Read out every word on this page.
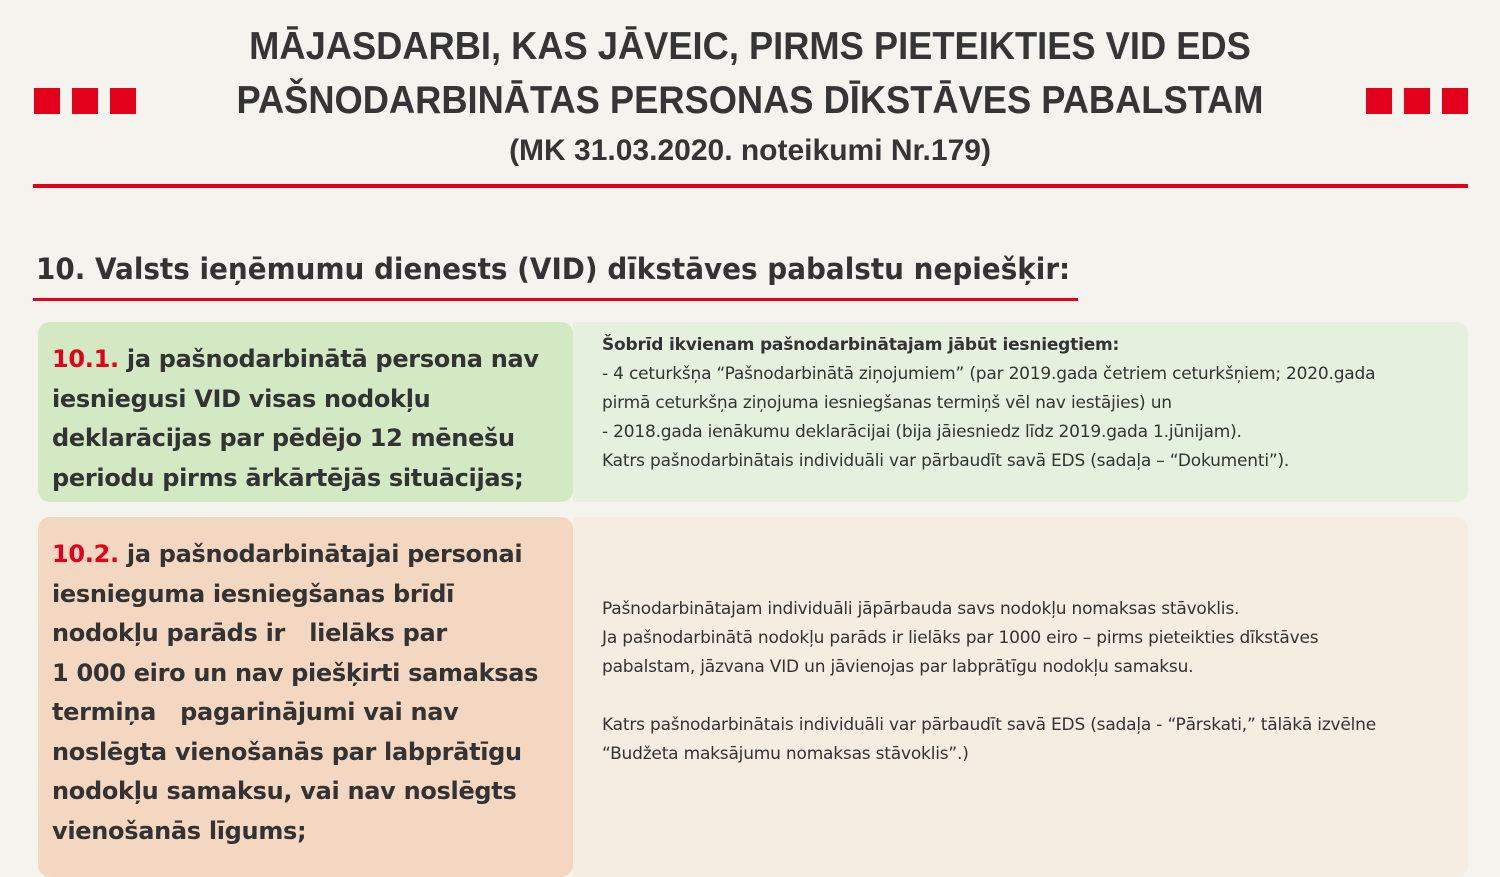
MĀJASDARBI, KAS JĀVEIC, PIRMS PIETEIKTIES VID EDS
PAŠNODARBINĀTAS PERSONAS DĪKSTĀVES PABALSTAM
(MK 31.03.2020. noteikumi Nr.179)
10. Valsts ieņēmumu dienests (VID) dīkstāves pabalstu nepiešķir:
10.1. ja pašnodarbinātā persona nav
iesniegusi VID visas nodokļu
deklarācijas par pēdējo 12 mēnešu
periodu pirms ārkārtējās situācijas;
Šobrīd ikvienam pašnodarbinātajam jābūt iesniegtiem:
- 4 ceturkšņa “Pašnodarbinātā ziņojumiem” (par 2019.gada četriem ceturkšņiem; 2020.gada
pirmā ceturkšņa ziņojuma iesniegšanas termiņš vēl nav iestājies) un
- 2018.gada ienākumu deklarācijai (bija jāiesniedz līdz 2019.gada 1.jūnijam).
Katrs pašnodarbinātais individuāli var pārbaudīt savā EDS (sadaļa – “Dokumenti”).
10.2. ja pašnodarbinātajai personai
iesnieguma iesniegšanas brīdī
nodokļu parāds ir   lielāks par
1 000 eiro un nav piešķirti samaksas
termiņa   pagarinājumi vai nav
noslēgta vienošanās par labprātīgu
nodokļu samaksu, vai nav noslēgts
vienošanās līgums;
Pašnodarbinātajam individuāli jāpārbauda savs nodokļu nomaksas stāvoklis.
Ja pašnodarbinātā nodokļu parāds ir lielāks par 1000 eiro – pirms pieteikties dīkstāves
pabalstam, jāzvana VID un jāvienojas par labprātīgu nodokļu samaksu.
Katrs pašnodarbinātais individuāli var pārbaudīt savā EDS (sadaļa - “Pārskati,” tālākā izvēlne
“Budžeta maksājumu nomaksas stāvoklis”.)
